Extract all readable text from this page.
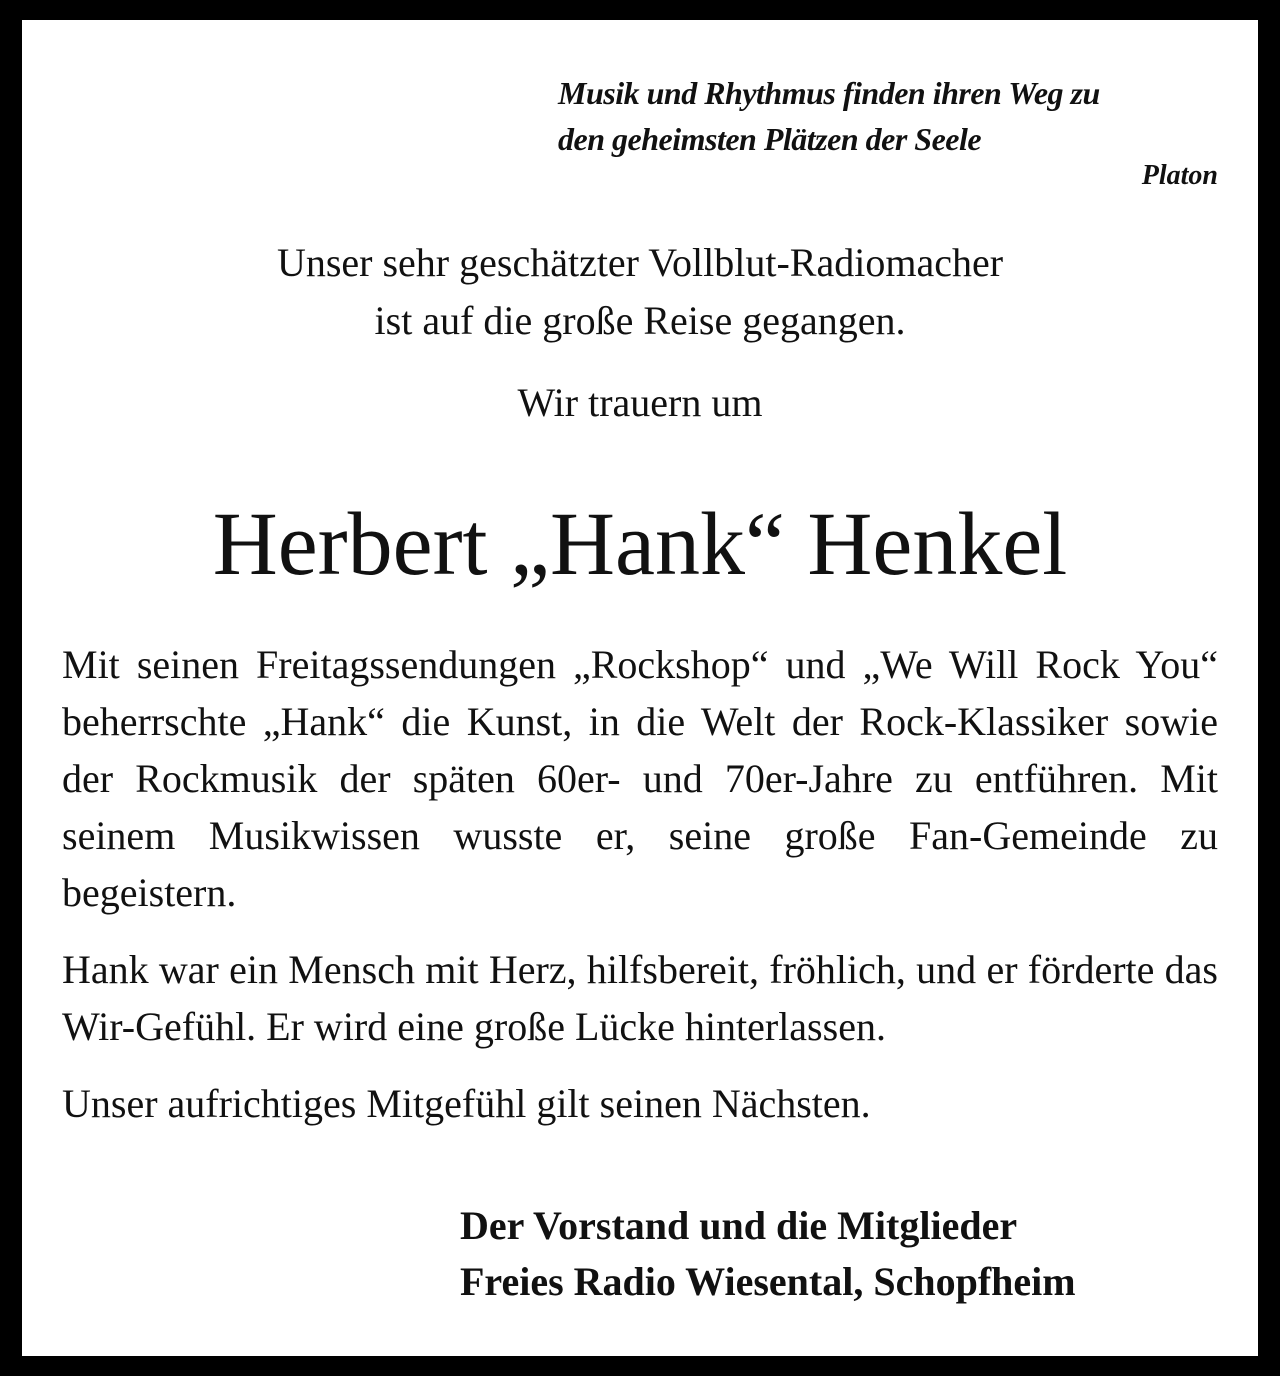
Musik und Rhythmus finden ihren Weg zu
den geheimsten Plätzen der Seele
Platon
Unser sehr geschätzter Vollblut-Radiomacher
ist auf die große Reise gegangen.
Wir trauern um
Herbert „Hank“ Henkel

Mit seinen Freitagssendungen „Rockshop“ und „We Will Rock You“ beherrschte „Hank“ die Kunst, in die Welt der Rock-Klassiker sowie der Rockmusik der späten 60er- und 70er-Jahre zu entführen. Mit seinem Musikwissen wusste er, seine große Fan-Gemeinde zu begeistern.

Hank war ein Mensch mit Herz, hilfsbereit, fröhlich, und er förderte das Wir-Gefühl. Er wird eine große Lücke hinterlassen.

Unser aufrichtiges Mitgefühl gilt seinen Nächsten.

Der Vorstand und die Mitglieder
Freies Radio Wiesental, Schopfheim
